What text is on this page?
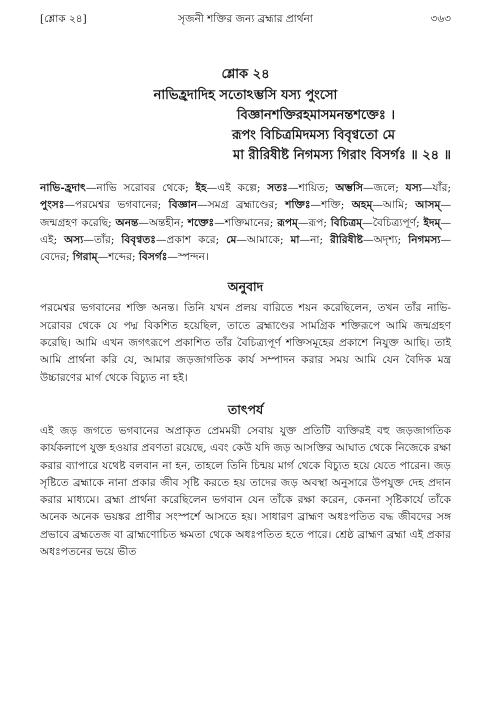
[শ্লোক ২৪]	সৃজনী শক্তির জন্য ব্রহ্মার প্রার্থনা	৩৬৩
শ্লোক ২৪
নাভিহ্রদাদিহ সতোঽম্ভসি যস্য পুংসো
বিজ্ঞানশক্তিরহমাসমনন্তশক্তেঃ ।
রূপং বিচিত্রমিদমস্য বিবৃণ্বতো মে
মা রীরিষীষ্ট নিগমস্য গিরাং বিসর্গঃ ॥ ২৪ ॥
নাভি-হ্রদাৎ—নাভি সরোবর থেকে; ইহ—এই কল্পে; সতঃ—শায়িত; অম্ভসি—জলে; যস্য—যাঁর; পুংসঃ—পরমেশ্বর ভগবানের; বিজ্ঞান—সমগ্র ব্রহ্মাণ্ডের; শক্তিঃ—শক্তি; অহম্—আমি; আসম্—জন্মগ্রহণ করেছি; অনন্ত—অন্তহীন; শক্তেঃ—শক্তিমানের; রূপম্—রূপ; বিচিত্রম্—বৈচিত্র্যপূর্ণ; ইদম্—এই; অস্য—তাঁর; বিবৃণ্বতঃ—প্রকাশ করে; মে—আমাকে; মা—না; রীরিষীষ্ট—অদৃশ্য; নিগমস্য—বেদের; গিরাম্—শব্দের; বিসর্গঃ—স্পন্দন।
অনুবাদ
পরমেশ্বর ভগবানের শক্তি অনন্ত। তিনি যখন প্রলয় বারিতে শয়ন করেছিলেন, তখন তাঁর নাভি-সরোবর থেকে যে পদ্ম বিকশিত হয়েছিল, তাতে ব্রহ্মাণ্ডের সামগ্রিক শক্তিরূপে আমি জন্মগ্রহণ করেছি। আমি এখন জগৎরূপে প্রকাশিত তাঁর বৈচিত্র্যপূর্ণ শক্তিসমূহের প্রকাশে নিযুক্ত আছি। তাই আমি প্রার্থনা করি যে, আমার জড়জাগতিক কার্য সম্পাদন করার সময় আমি যেন বৈদিক মন্ত্র উচ্চারণের মার্গ থেকে বিচ্যুত না হই।
তাৎপর্য
এই জড় জগতে ভগবানের অপ্রাকৃত প্রেমময়ী সেবায় যুক্ত প্রতিটি ব্যক্তিরই বহু জড়জাগতিক কার্যকলাপে যুক্ত হওয়ার প্রবণতা রয়েছে, এবং কেউ যদি জড় আসক্তির আঘাত থেকে নিজেকে রক্ষা করার ব্যাপারে যথেষ্ট বলবান না হন, তাহলে তিনি চিন্ময় মার্গ থেকে বিচ্যুত হয়ে যেতে পারেন। জড় সৃষ্টিতে ব্রহ্মাকে নানা প্রকার জীব সৃষ্টি করতে হয় তাদের জড় অবস্থা অনুসারে উপযুক্ত দেহ প্রদান করার মাধ্যমে। ব্রহ্মা প্রার্থনা করেছিলেন ভগবান যেন তাঁকে রক্ষা করেন, কেননা সৃষ্টিকার্যে তাঁকে অনেক অনেক ভয়ঙ্কর প্রাণীর সংস্পর্শে আসতে হয়। সাধারণ ব্রাহ্মণ অধঃপতিত বদ্ধ জীবদের সঙ্গ প্রভাবে ব্রহ্মতেজ বা ব্রাহ্মণোচিত ক্ষমতা থেকে অধঃপতিত হতে পারে। শ্রেষ্ঠ ব্রাহ্মণ ব্রহ্মা এই প্রকার অধঃপতনের ভয়ে ভীত
